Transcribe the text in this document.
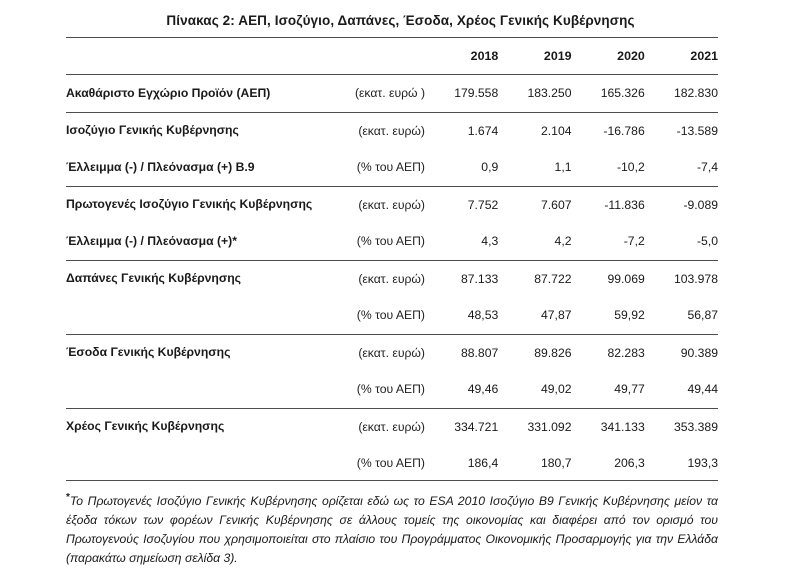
Πίνακας 2: ΑΕΠ, Ισοζύγιο, Δαπάνες, Έσοδα, Χρέος Γενικής Κυβέρνησης
		2018	2019	2020	2021
Ακαθάριστο Εγχώριο Προϊόν (ΑΕΠ)	(εκατ. ευρώ )	179.558	183.250	165.326	182.830
Ισοζύγιο Γενικής Κυβέρνησης	(εκατ. ευρώ)	1.674	2.104	-16.786	-13.589
Έλλειμμα (-) / Πλεόνασμα (+) Β.9	(% του ΑΕΠ)	0,9	1,1	-10,2	-7,4
Πρωτογενές Ισοζύγιο Γενικής Κυβέρνησης	(εκατ. ευρώ)	7.752	7.607	-11.836	-9.089
Έλλειμμα (-) / Πλεόνασμα (+)*	(% του ΑΕΠ)	4,3	4,2	-7,2	-5,0
Δαπάνες Γενικής Κυβέρνησης	(εκατ. ευρώ)	87.133	87.722	99.069	103.978
	(% του ΑΕΠ)	48,53	47,87	59,92	56,87
Έσοδα Γενικής Κυβέρνησης	(εκατ. ευρώ)	88.807	89.826	82.283	90.389
	(% του ΑΕΠ)	49,46	49,02	49,77	49,44
Χρέος Γενικής Κυβέρνησης	(εκατ. ευρώ)	334.721	331.092	341.133	353.389
	(% του ΑΕΠ)	186,4	180,7	206,3	193,3
*Το Πρωτογενές Ισοζύγιο Γενικής Κυβέρνησης ορίζεται εδώ ως το ESA 2010 Ισοζύγιο Β9 Γενικής Κυβέρνησης μείον τα έξοδα τόκων των φορέων Γενικής Κυβέρνησης σε άλλους τομείς της οικονομίας και διαφέρει από τον ορισμό του Πρωτογενούς Ισοζυγίου που χρησιμοποιείται στο πλαίσιο του Προγράμματος Οικονομικής Προσαρμογής για την Ελλάδα (παρακάτω σημείωση σελίδα 3).
